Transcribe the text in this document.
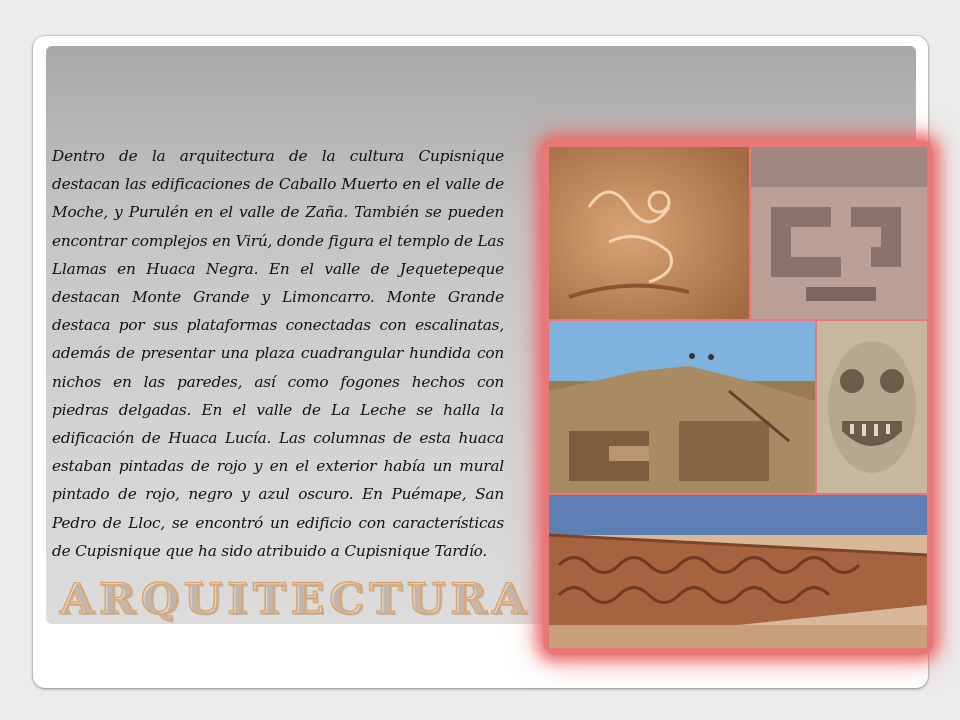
Dentro de la arquitectura de la cultura Cupisnique destacan las edificaciones de Caballo Muerto en el valle de Moche, y Purulén en el valle de Zaña. También se pueden encontrar complejos en Virú, donde figura el templo de Las Llamas en Huaca Negra. En el valle de Jequetepeque destacan Monte Grande y Limoncarro. Monte Grande destaca por sus plataformas conectadas con escalinatas, además de presentar una plaza cuadrangular hundida con nichos en las paredes, así como fogones hechos con piedras delgadas. En el valle de La Leche se halla la edificación de Huaca Lucía. Las columnas de esta huaca estaban pintadas de rojo y en el exterior había un mural pintado de rojo, negro y azul oscuro. En Puémape, San Pedro de Lloc, se encontró un edificio con características de Cupisnique que ha sido atribuido a Cupisnique Tardío.
